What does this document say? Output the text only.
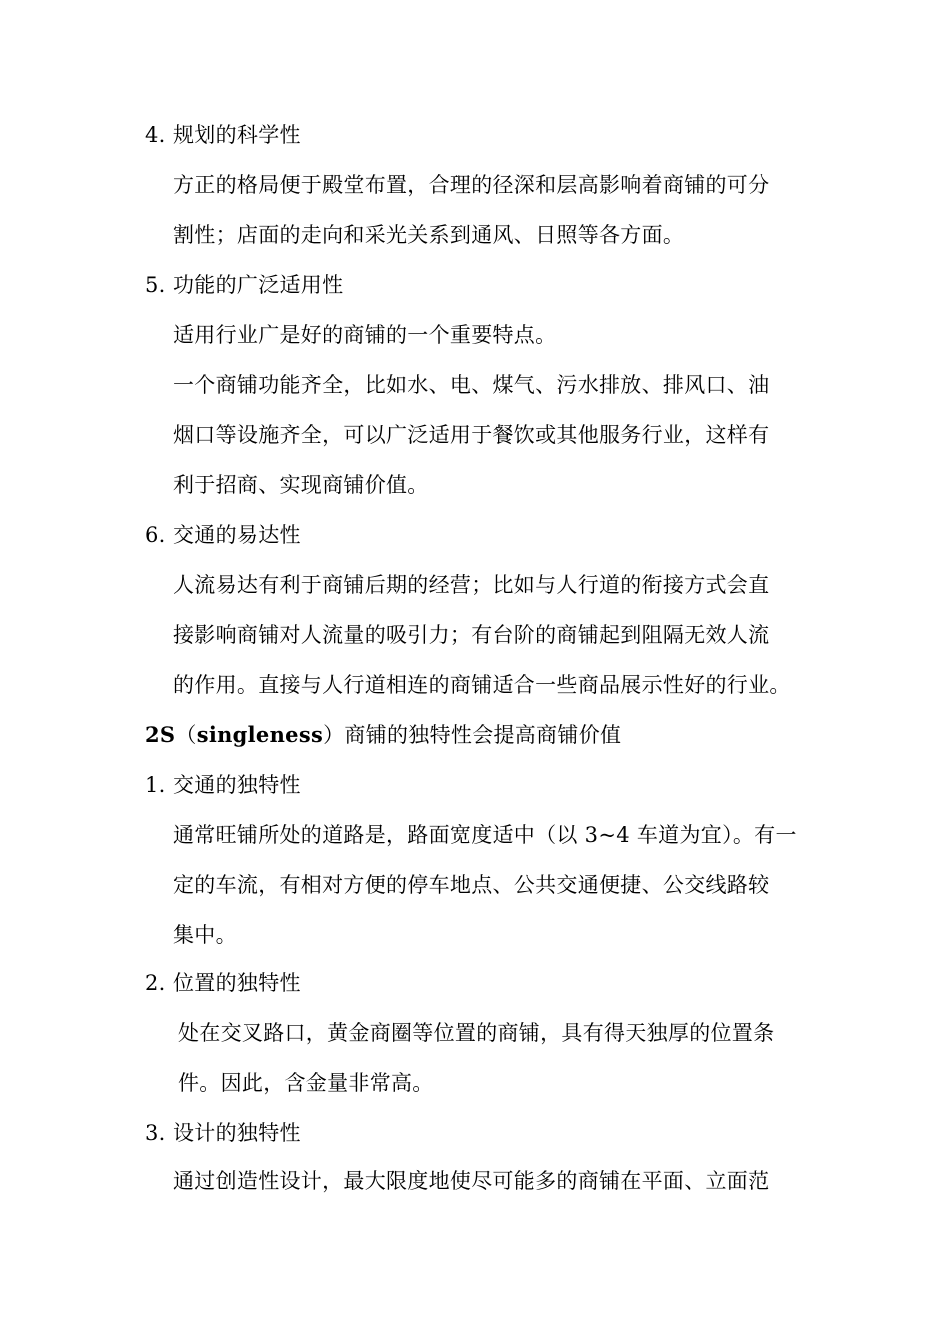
4. 规划的科学性
方正的格局便于殿堂布置，合理的径深和层高影响着商铺的可分
割性；店面的走向和采光关系到通风、日照等各方面。
5. 功能的广泛适用性
适用行业广是好的商铺的一个重要特点。
一个商铺功能齐全，比如水、电、煤气、污水排放、排风口、油
烟口等设施齐全，可以广泛适用于餐饮或其他服务行业，这样有
利于招商、实现商铺价值。
6. 交通的易达性
人流易达有利于商铺后期的经营；比如与人行道的衔接方式会直
接影响商铺对人流量的吸引力；有台阶的商铺起到阻隔无效人流
的作用。直接与人行道相连的商铺适合一些商品展示性好的行业。
2S（singleness）商铺的独特性会提高商铺价值
1. 交通的独特性
通常旺铺所处的道路是，路面宽度适中（以 3~4 车道为宜）。有一
定的车流，有相对方便的停车地点、公共交通便捷、公交线路较
集中。
2. 位置的独特性
处在交叉路口，黄金商圈等位置的商铺，具有得天独厚的位置条
件。因此，含金量非常高。
3. 设计的独特性
通过创造性设计，最大限度地使尽可能多的商铺在平面、立面范
